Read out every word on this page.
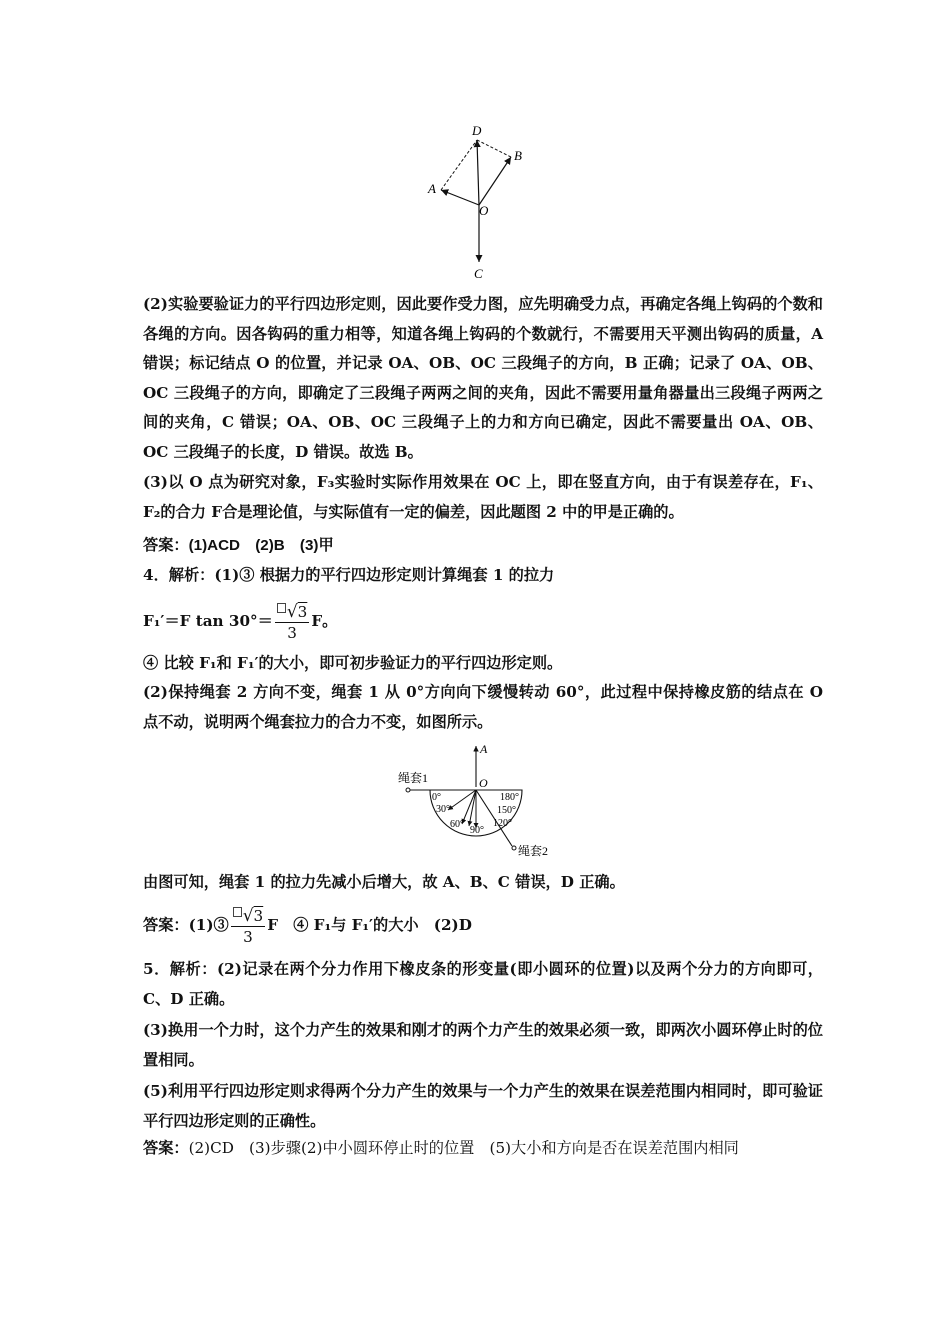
D
B
A
O
C
(2)实验要验证力的平行四边形定则，因此要作受力图，应先明确受力点，再确定各绳上钩码的个数和各绳的方向。因各钩码的重力相等，知道各绳上钩码的个数就行，不需要用天平测出钩码的质量，A 错误；标记结点 O 的位置，并记录 OA、OB、OC 三段绳子的方向，B 正确；记录了 OA、OB、OC 三段绳子的方向，即确定了三段绳子两两之间的夹角，因此不需要用量角器量出三段绳子两两之间的夹角，C 错误；OA、OB、OC 三段绳子上的力和方向已确定，因此不需要量出 OA、OB、OC 三段绳子的长度，D 错误。故选 B。
(3)以 O 点为研究对象，F₃实验时实际作用效果在 OC 上，即在竖直方向，由于有误差存在，F₁、F₂的合力 F合是理论值，与实际值有一定的偏差，因此题图 2 中的甲是正确的。
答案：(1)ACD　(2)B　(3)甲
4．解析：(1)③ 根据力的平行四边形定则计算绳套 1 的拉力
F₁′＝F $\tan 30^\circ= \frac{√3}{3}$ F。
④ 比较 F₁和 F₁′的大小，即可初步验证力的平行四边形定则。
(2)保持绳套 2 方向不变，绳套 1 从 0°方向向下缓慢转动 60°，此过程中保持橡皮筋的结点在 O 点不动，说明两个绳套拉力的合力不变，如图所示。
A
O
绳套1
绳套2
0°
30°
60°
90°
120°
150°
180°
由图可知，绳套 1 的拉力先减小后增大，故 A、B、C 错误，D 正确。
答案：(1)③ $\frac{√3}{3}$ F　④ F₁与 F₁′的大小　(2)D
5．解析：(2)记录在两个分力作用下橡皮条的形变量(即小圆环的位置)以及两个分力的方向即可，C、D 正确。
(3)换用一个力时，这个力产生的效果和刚才的两个力产生的效果必须一致，即两次小圆环停止时的位置相同。
(5)利用平行四边形定则求得两个分力产生的效果与一个力产生的效果在误差范围内相同时，即可验证平行四边形定则的正确性。
答案：(2)CD　(3)步骤(2)中小圆环停止时的位置　(5)大小和方向是否在误差范围内相同
